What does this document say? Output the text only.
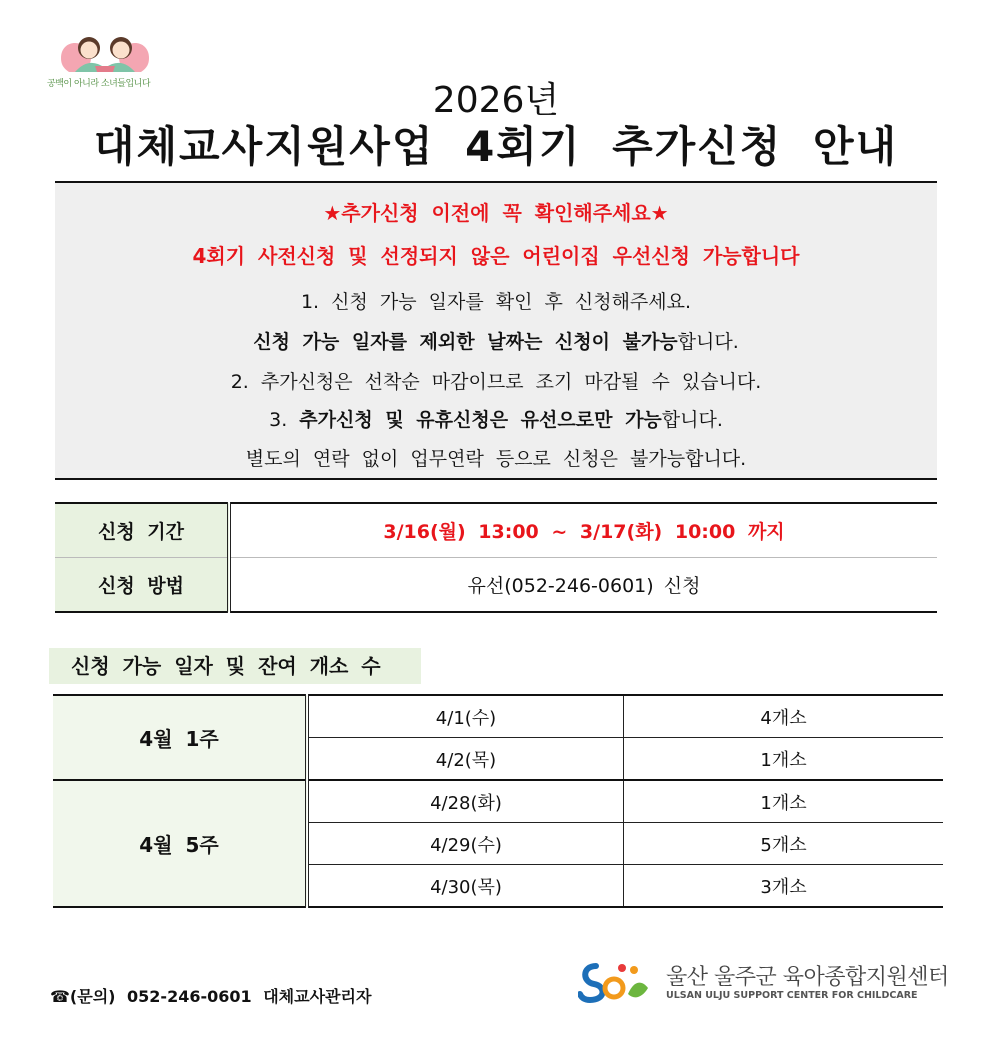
공백이 아니라 소녀들입니다	2026년
대체교사지원사업 4회기 추가신청 안내
★추가신청 이전에 꼭 확인해주세요★
4회기 사전신청 및 선정되지 않은 어린이집 우선신청 가능합니다
1. 신청 가능 일자를 확인 후 신청해주세요.
신청 가능 일자를 제외한 날짜는 신청이 불가능합니다.
2. 추가신청은 선착순 마감이므로 조기 마감될 수 있습니다.
3. 추가신청 및 유휴신청은 유선으로만 가능합니다.
별도의 연락 없이 업무연락 등으로 신청은 불가능합니다.
신청 기간	3/16(월) 13:00 ~ 3/17(화) 10:00 까지
신청 방법	유선(052-246-0601) 신청
신청 가능 일자 및 잔여 개소 수
4월 1주	4/1(수)	4개소
	4/2(목)	1개소
4월 5주	4/28(화)	1개소
	4/29(수)	5개소
	4/30(목)	3개소
☎(문의) 052-246-0601 대체교사관리자
울산 울주군 육아종합지원센터
ULSAN ULJU SUPPORT CENTER FOR CHILDCARE
